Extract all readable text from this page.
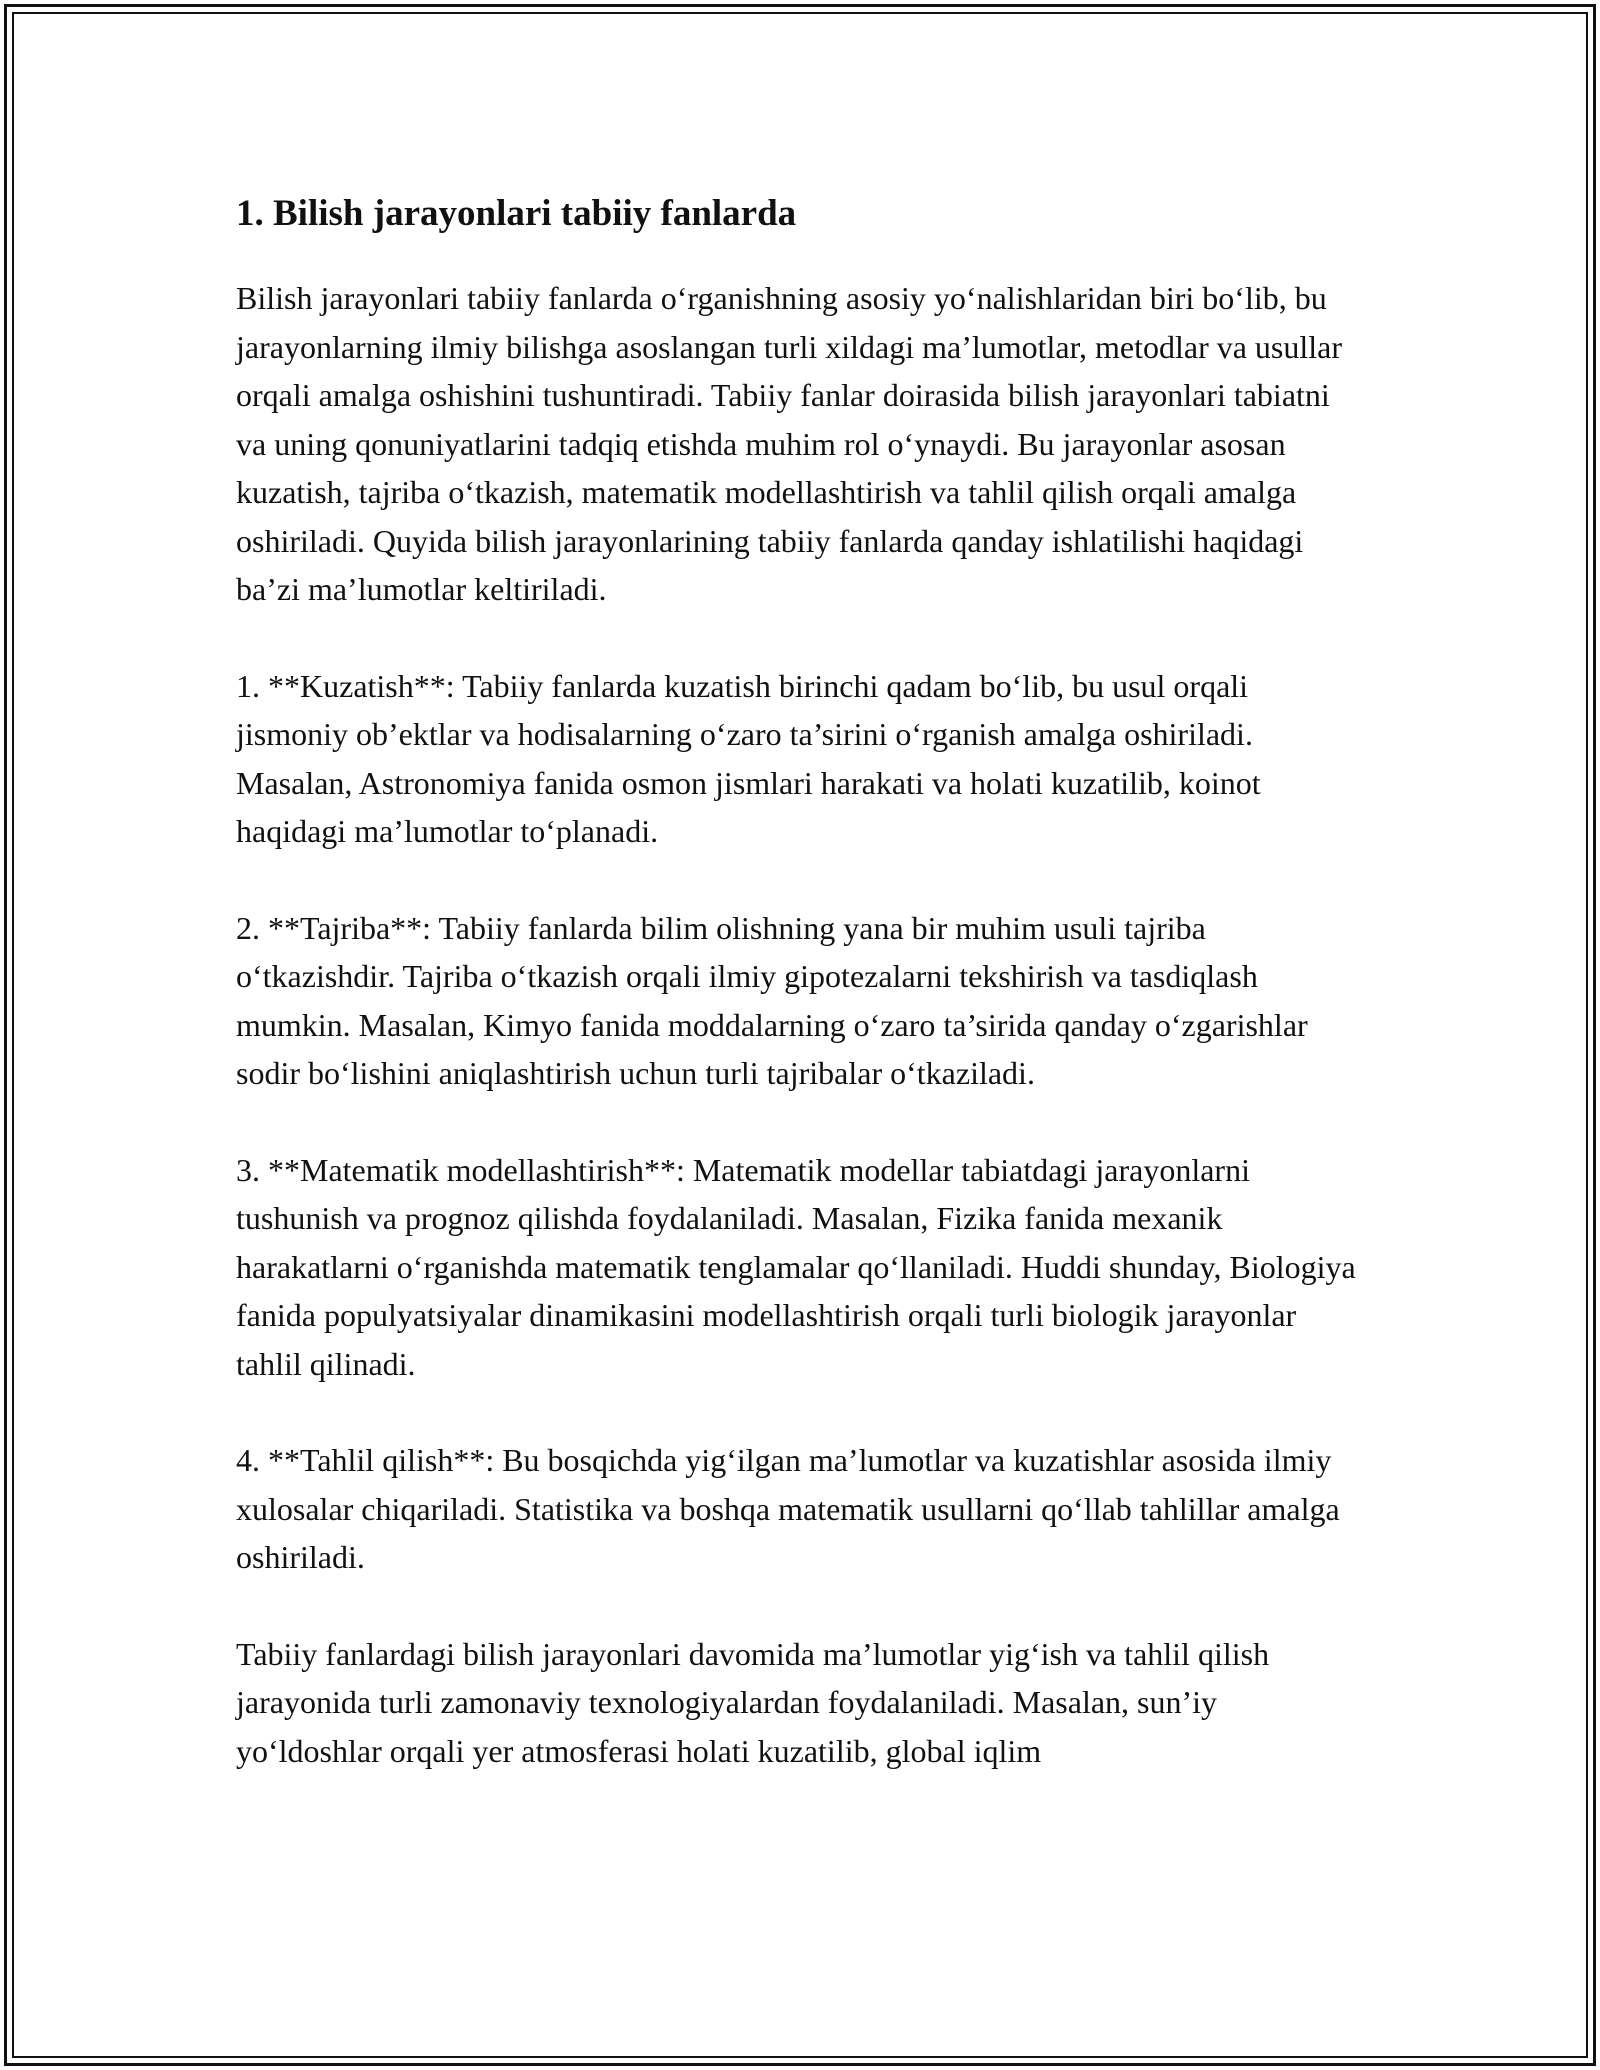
1. Bilish jarayonlari tabiiy fanlarda

Bilish jarayonlari tabiiy fanlarda o‘rganishning asosiy yo‘nalishlaridan biri bo‘lib, bu jarayonlarning ilmiy bilishga asoslangan turli xildagi ma’lumotlar, metodlar va usullar orqali amalga oshishini tushuntiradi. Tabiiy fanlar doirasida bilish jarayonlari tabiatni va uning qonuniyatlarini tadqiq etishda muhim rol o‘ynaydi. Bu jarayonlar asosan kuzatish, tajriba o‘tkazish, matematik modellashtirish va tahlil qilish orqali amalga oshiriladi. Quyida bilish jarayonlarining tabiiy fanlarda qanday ishlatilishi haqidagi ba’zi ma’lumotlar keltiriladi.

1. **Kuzatish**: Tabiiy fanlarda kuzatish birinchi qadam bo‘lib, bu usul orqali jismoniy ob’ektlar va hodisalarning o‘zaro ta’sirini o‘rganish amalga oshiriladi. Masalan, Astronomiya fanida osmon jismlari harakati va holati kuzatilib, koinot haqidagi ma’lumotlar to‘planadi.

2. **Tajriba**: Tabiiy fanlarda bilim olishning yana bir muhim usuli tajriba o‘tkazishdir. Tajriba o‘tkazish orqali ilmiy gipotezalarni tekshirish va tasdiqlash mumkin. Masalan, Kimyo fanida moddalarning o‘zaro ta’sirida qanday o‘zgarishlar sodir bo‘lishini aniqlashtirish uchun turli tajribalar o‘tkaziladi.

3. **Matematik modellashtirish**: Matematik modellar tabiatdagi jarayonlarni tushunish va prognoz qilishda foydalaniladi. Masalan, Fizika fanida mexanik harakatlarni o‘rganishda matematik tenglamalar qo‘llaniladi. Huddi shunday, Biologiya fanida populyatsiyalar dinamikasini modellashtirish orqali turli biologik jarayonlar tahlil qilinadi.

4. **Tahlil qilish**: Bu bosqichda yig‘ilgan ma’lumotlar va kuzatishlar asosida ilmiy xulosalar chiqariladi. Statistika va boshqa matematik usullarni qo‘llab tahlillar amalga oshiriladi.

Tabiiy fanlardagi bilish jarayonlari davomida ma’lumotlar yig‘ish va tahlil qilish jarayonida turli zamonaviy texnologiyalardan foydalaniladi. Masalan, sun’iy yo‘ldoshlar orqali yer atmosferasi holati kuzatilib, global iqlim
